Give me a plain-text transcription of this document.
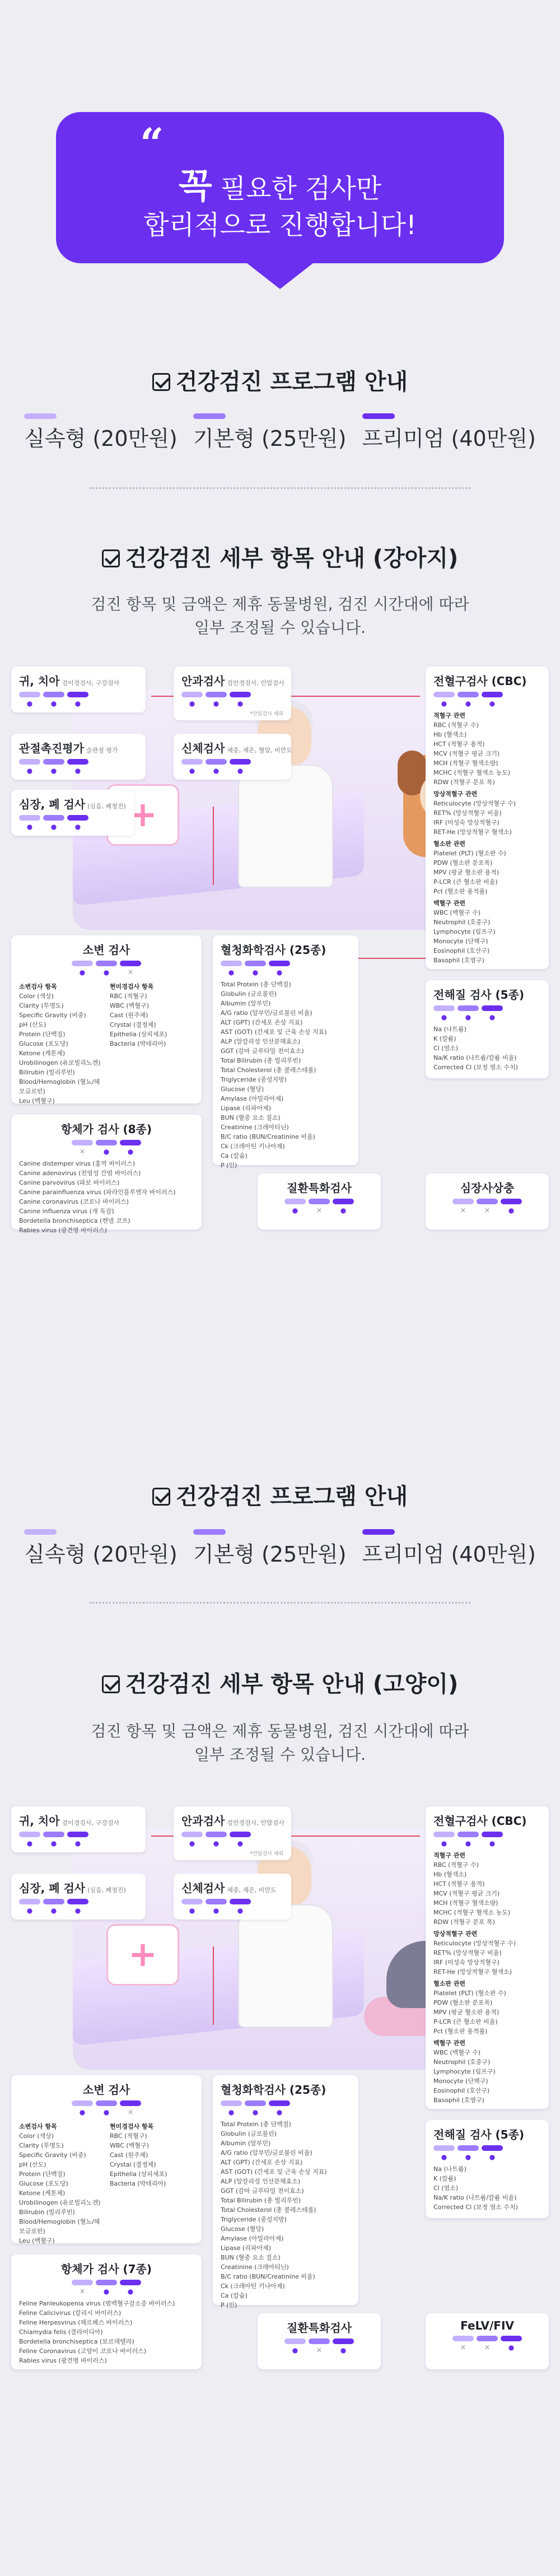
“
꼭 필요한 검사만
합리적으로 진행합니다!
건강검진 프로그램 안내
실속형 (20만원) 기본형 (25만원) 프리미엄 (40만원)
건강검진 세부 항목 안내 (강아지)
검진 항목 및 금액은 제휴 동물병원, 검진 시간대에 따라
일부 조정될 수 있습니다.
+
귀, 치아 검이경검사, 구강검사
●	●	●
안과검사 검안경검사, 안압검사
●	●	●
*안압검사 제외
관절촉진평가 슬관절 평가
●	●	●
신체검사 체중, 체온, 혈압, 비만도
●	●	●
심장, 폐 검사 (심음, 폐청진)
●	●	●
전혈구검사 (CBC)
●	●	●
적혈구 관련
RBC (적혈구 수)
Hb (혈색소)
HCT (적혈구 용적)
MCV (적혈구 평균 크기)
MCH (적혈구 혈색소량)
MCHC (적혈구 혈색소 농도)
RDW (적혈구 분포 폭)
망상적혈구 관련
Reticulocyte (망상적혈구 수)
RET% (망상적혈구 비율)
IRF (미성숙 망상적혈구)
RET-He (망상적혈구 혈색소)
혈소판 관련
Platelet (PLT) (혈소판 수)
PDW (혈소판 분포폭)
MPV (평균 혈소판 용적)
P-LCR (큰 혈소판 비율)
Pct (혈소판 용적률)
백혈구 관련
WBC (백혈구 수)
Neutrophil (호중구)
Lymphocyte (림프구)
Monocyte (단핵구)
Eosinophil (호산구)
Basophil (호염구)
소변 검사
●	●	✕
소변검사 항목
Color (색상)
Clarity (투명도)
Specific Gravity (비중)
pH (산도)
Protein (단백질)
Glucose (포도당)
Ketone (케톤체)
Urobilinogen (유로빌리노겐)
Bilirubin (빌리루빈)
Blood/Hemoglobin (혈뇨/헤모글로빈)
Leu (백혈구)
현미경검사 항목
RBC (적혈구)
WBC (백혈구)
Cast (원주체)
Crystal (결정체)
Epithelia (상피세포)
Bacteria (박테리아)
혈청화학검사 (25종)
●	●	●
Total Protein (총 단백질)
Globulin (글로불린)
Albumin (알부민)
A/G ratio (알부민/글로불린 비율)
ALT (GPT) (간세포 손상 지표)
AST (GOT) (간세포 및 근육 손상 지표)
ALP (알칼리성 인산분해효소)
GGT (감마 글루타밀 전이효소)
Total Bilirubin (총 빌리루빈)
Total Cholesterol (총 콜레스테롤)
Triglyceride (중성지방)
Glucose (혈당)
Amylase (아밀라아제)
Lipase (리파아제)
BUN (혈중 요소 질소)
Creatinine (크레아티닌)
B/C ratio (BUN/Creatinine 비율)
Ck (크레아틴 키나아제)
Ca (칼슘)
P (인)
전해질 검사 (5종)
●	●	●
Na (나트륨)
K (칼륨)
Cl (염소)
Na/K ratio (나트륨/칼륨 비율)
Corrected Cl (보정 염소 수치)
항체가 검사 (8종)
✕	●	●
Canine distemper virus (홍역 바이러스)
Canine adenovirus (전염성 간염 바이러스)
Canine parvovirus (파보 바이러스)
Canine parainfluenza virus (파라인플루엔자 바이러스)
Canine coronavirus (코로나 바이러스)
Canine influenza virus (개 독감)
Bordetella bronchiseptica (켄넬 코프)
Rabies virus (광견병 바이러스)
질환특화검사
●	✕	●
심장사상충
✕	✕	●
건강검진 프로그램 안내
실속형 (20만원) 기본형 (25만원) 프리미엄 (40만원)
건강검진 세부 항목 안내 (고양이)
검진 항목 및 금액은 제휴 동물병원, 검진 시간대에 따라
일부 조정될 수 있습니다.
+
귀, 치아 검이경검사, 구강검사
●	●	●
안과검사 검안경검사, 안압검사
●	●	●
*안압검사 제외
심장, 폐 검사 (심음, 폐청진)
●	●	●
신체검사 체중, 체온, 비만도
●	●	●
전혈구검사 (CBC)
●	●	●
적혈구 관련
RBC (적혈구 수)
Hb (혈색소)
HCT (적혈구 용적)
MCV (적혈구 평균 크기)
MCH (적혈구 혈색소량)
MCHC (적혈구 혈색소 농도)
RDW (적혈구 분포 폭)
망상적혈구 관련
Reticulocyte (망상적혈구 수)
RET% (망상적혈구 비율)
IRF (미성숙 망상적혈구)
RET-He (망상적혈구 혈색소)
혈소판 관련
Platelet (PLT) (혈소판 수)
PDW (혈소판 분포폭)
MPV (평균 혈소판 용적)
P-LCR (큰 혈소판 비율)
Pct (혈소판 용적률)
백혈구 관련
WBC (백혈구 수)
Neutrophil (호중구)
Lymphocyte (림프구)
Monocyte (단핵구)
Eosinophil (호산구)
Basophil (호염구)
소변 검사
●	●	✕
소변검사 항목
Color (색상)
Clarity (투명도)
Specific Gravity (비중)
pH (산도)
Protein (단백질)
Glucose (포도당)
Ketone (케톤체)
Urobilinogen (유로빌리노겐)
Bilirubin (빌리루빈)
Blood/Hemoglobin (혈뇨/헤모글로빈)
Leu (백혈구)
현미경검사 항목
RBC (적혈구)
WBC (백혈구)
Cast (원주체)
Crystal (결정체)
Epithelia (상피세포)
Bacteria (박테리아)
혈청화학검사 (25종)
●	●	●
Total Protein (총 단백질)
Globulin (글로불린)
Albumin (알부민)
A/G ratio (알부민/글로불린 비율)
ALT (GPT) (간세포 손상 지표)
AST (GOT) (간세포 및 근육 손상 지표)
ALP (알칼리성 인산분해효소)
GGT (감마 글루타밀 전이효소)
Total Bilirubin (총 빌리루빈)
Total Cholesterol (총 콜레스테롤)
Triglyceride (중성지방)
Glucose (혈당)
Amylase (아밀라아제)
Lipase (리파아제)
BUN (혈중 요소 질소)
Creatinine (크레아티닌)
B/C ratio (BUN/Creatinine 비율)
Ck (크레아틴 키나아제)
Ca (칼슘)
P (인)
전해질 검사 (5종)
●	●	●
Na (나트륨)
K (칼륨)
Cl (염소)
Na/K ratio (나트륨/칼륨 비율)
Corrected Cl (보정 염소 수치)
항체가 검사 (7종)
✕	●	●
Feline Panleukopenia virus (범백혈구감소증 바이러스)
Feline Calicivirus (칼리시 바이러스)
Feline Herpesvirus (헤르페스 바이러스)
Chlamydia felis (클라미디아)
Bordetella bronchiseptica (보르데텔라)
Feline Coronavirus (고양이 코로나 바이러스)
Rabies virus (광견병 바이러스)
질환특화검사
●	✕	●
FeLV/FIV
✕	✕	●
